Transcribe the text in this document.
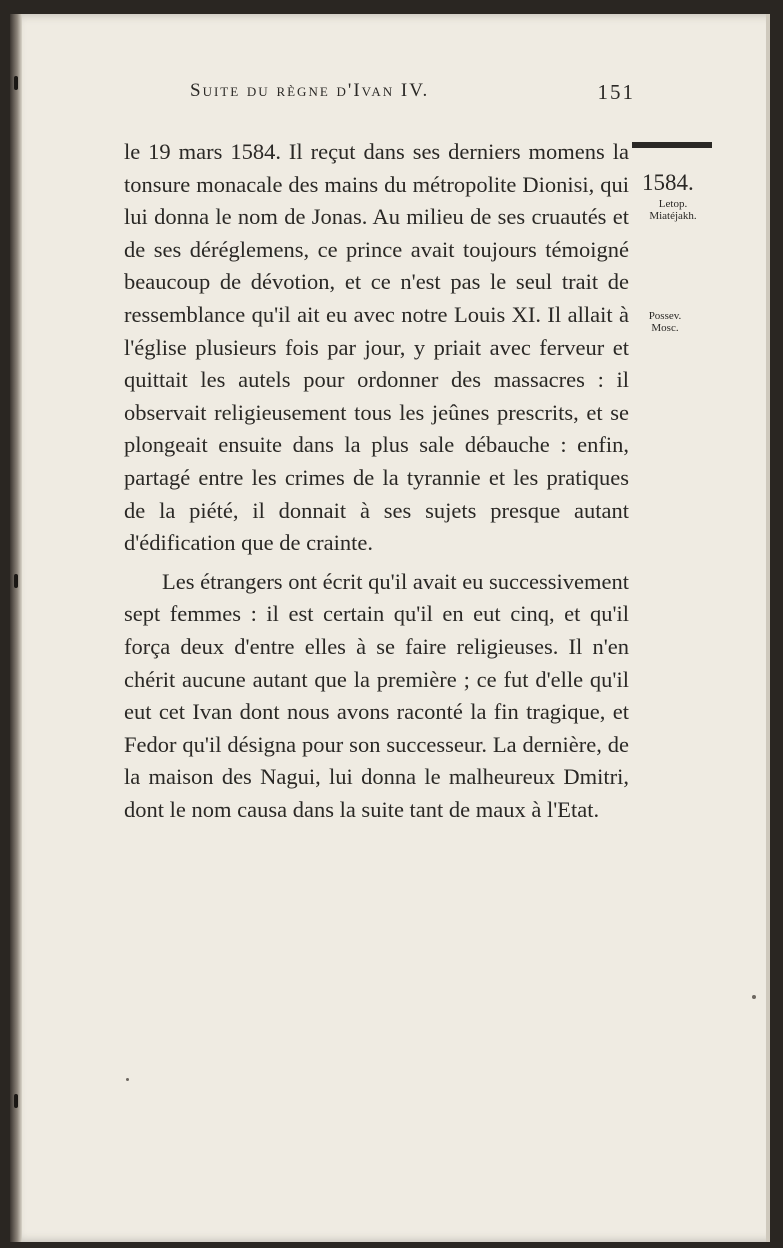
Suite du règne d'Ivan IV.	151
1584.
Letop.
Miatéjakh.
Possev.
Mosc.

le 19 mars 1584. Il reçut dans ses derniers momens la tonsure monacale des mains du métropolite Dionisi, qui lui donna le nom de Jonas. Au milieu de ses cruautés et de ses déréglemens, ce prince avait toujours témoigné beaucoup de dévotion, et ce n'est pas le seul trait de ressemblance qu'il ait eu avec notre Louis XI. Il allait à l'église plusieurs fois par jour, y priait avec ferveur et quittait les autels pour ordonner des massacres : il observait religieusement tous les jeûnes prescrits, et se plongeait ensuite dans la plus sale débauche : enfin, partagé entre les crimes de la tyrannie et les pratiques de la piété, il donnait à ses sujets presque autant d'édification que de crainte.

Les étrangers ont écrit qu'il avait eu successivement sept femmes : il est certain qu'il en eut cinq, et qu'il força deux d'entre elles à se faire religieuses. Il n'en chérit aucune autant que la première ; ce fut d'elle qu'il eut cet Ivan dont nous avons raconté la fin tragique, et Fedor qu'il désigna pour son successeur. La dernière, de la maison des Nagui, lui donna le malheureux Dmitri, dont le nom causa dans la suite tant de maux à l'Etat.
